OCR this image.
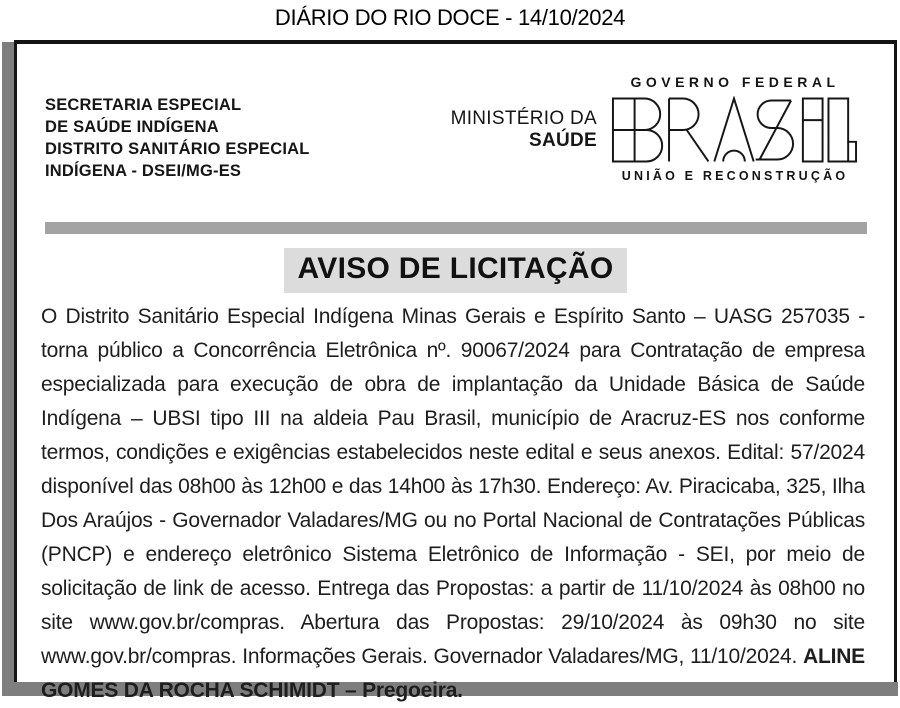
DIÁRIO DO RIO DOCE - 14/10/2024
SECRETARIA ESPECIAL
DE SAÚDE INDÍGENA
DISTRITO SANITÁRIO ESPECIAL
INDÍGENA - DSEI/MG-ES
MINISTÉRIO DA
SAÚDE
GOVERNO FEDERAL
UNIÃO E RECONSTRUÇÃO
AVISO DE LICITAÇÃO

O Distrito Sanitário Especial Indígena Minas Gerais e Espírito Santo – UASG 257035 - torna público a Concorrência Eletrônica nº. 90067/2024 para Contratação de empresa especializada para execução de obra de implantação da Unidade Básica de Saúde Indígena – UBSI tipo III na aldeia Pau Brasil, município de Aracruz-ES nos conforme termos, condições e exigências estabelecidos neste edital e seus anexos. Edital: 57/2024 disponível das 08h00 às 12h00 e das 14h00 às 17h30. Endereço: Av. Piracicaba, 325, Ilha Dos Araújos - Governador Valadares/MG ou no Portal Nacional de Contratações Públicas (PNCP) e endereço eletrônico Sistema Eletrônico de Informação - SEI, por meio de solicitação de link de acesso. Entrega das Propostas: a partir de 11/10/2024 às 08h00 no site www.gov.br/compras. Abertura das Propostas: 29/10/2024 às 09h30 no site www.gov.br/compras. Informações Gerais. Governador Valadares/MG, 11/10/2024. ALINE GOMES DA ROCHA SCHIMIDT – Pregoeira.
